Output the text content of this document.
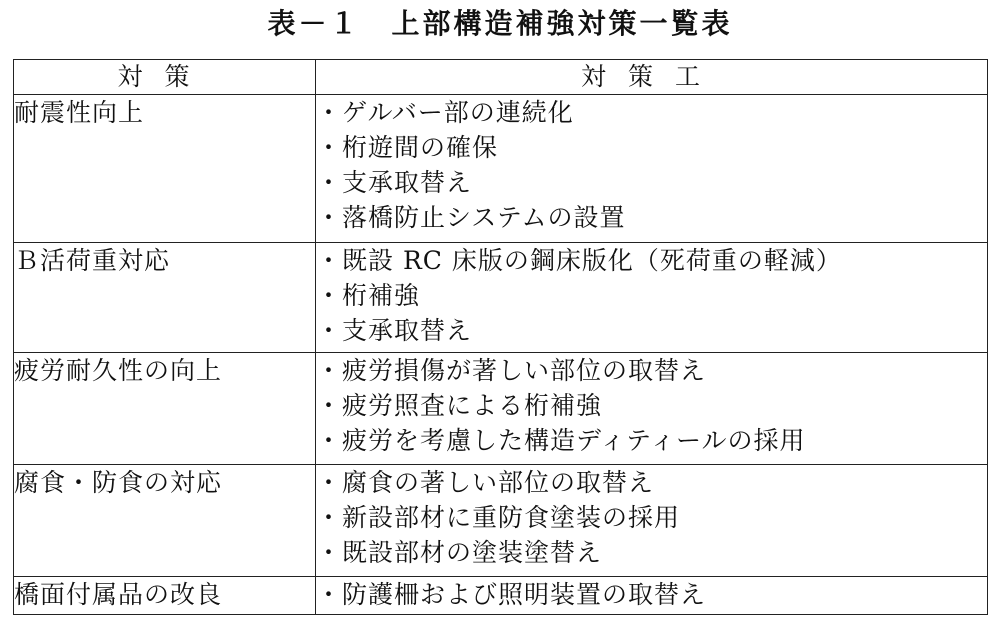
表－１　上部構造補強対策一覧表
対策	対策工
耐震性向上	・ゲルバー部の連続化
・桁遊間の確保
・支承取替え
・落橋防止システムの設置

Ｂ活荷重対応	・既設 RC 床版の鋼床版化（死荷重の軽減）
・桁補強
・支承取替え

疲労耐久性の向上	・疲労損傷が著しい部位の取替え
・疲労照査による桁補強
・疲労を考慮した構造ディティールの採用

腐食・防食の対応	・腐食の著しい部位の取替え
・新設部材に重防食塗装の採用
・既設部材の塗装塗替え

橋面付属品の改良	・防護柵および照明装置の取替え
